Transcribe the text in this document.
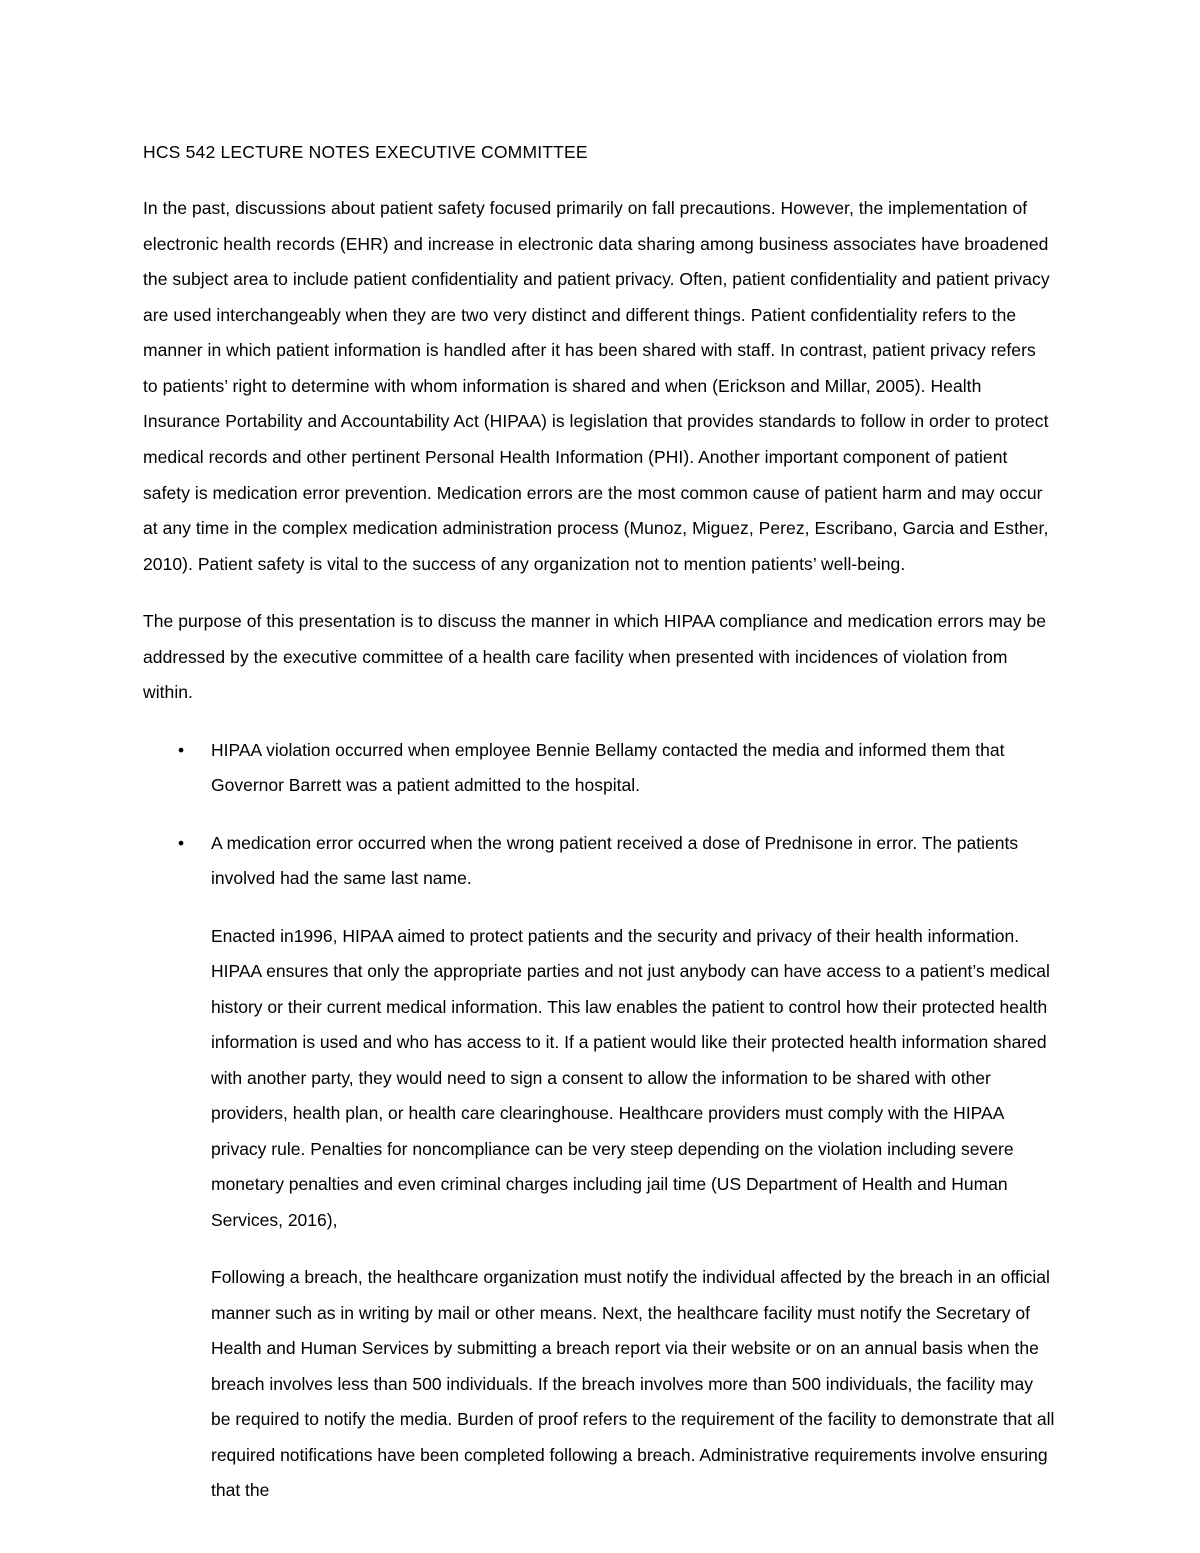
HCS 542 LECTURE NOTES EXECUTIVE COMMITTEE

In the past, discussions about patient safety focused primarily on fall precautions. However, the implementation of electronic health records (EHR) and increase in electronic data sharing among business associates have broadened the subject area to include patient confidentiality and patient privacy. Often, patient confidentiality and patient privacy are used interchangeably when they are two very distinct and different things. Patient confidentiality refers to the manner in which patient information is handled after it has been shared with staff. In contrast, patient privacy refers to patients’ right to determine with whom information is shared and when (Erickson and Millar, 2005). Health Insurance Portability and Accountability Act (HIPAA) is legislation that provides standards to follow in order to protect medical records and other pertinent Personal Health Information (PHI). Another important component of patient safety is medication error prevention. Medication errors are the most common cause of patient harm and may occur at any time in the complex medication administration process (Munoz, Miguez, Perez, Escribano, Garcia and Esther, 2010). Patient safety is vital to the success of any organization not to mention patients’ well-being.

The purpose of this presentation is to discuss the manner in which HIPAA compliance and medication errors may be addressed by the executive committee of a health care facility when presented with incidences of violation from within.

• HIPAA violation occurred when employee Bennie Bellamy contacted the media and informed them that Governor Barrett was a patient admitted to the hospital.
• A medication error occurred when the wrong patient received a dose of Prednisone in error. The patients involved had the same last name.

Enacted in1996, HIPAA aimed to protect patients and the security and privacy of their health information. HIPAA ensures that only the appropriate parties and not just anybody can have access to a patient’s medical history or their current medical information. This law enables the patient to control how their protected health information is used and who has access to it. If a patient would like their protected health information shared with another party, they would need to sign a consent to allow the information to be shared with other providers, health plan, or health care clearinghouse. Healthcare providers must comply with the HIPAA privacy rule. Penalties for noncompliance can be very steep depending on the violation including severe monetary penalties and even criminal charges including jail time (US Department of Health and Human Services, 2016),

Following a breach, the healthcare organization must notify the individual affected by the breach in an official manner such as in writing by mail or other means. Next, the healthcare facility must notify the Secretary of Health and Human Services by submitting a breach report via their website or on an annual basis when the breach involves less than 500 individuals. If the breach involves more than 500 individuals, the facility may be required to notify the media. Burden of proof refers to the requirement of the facility to demonstrate that all required notifications have been completed following a breach. Administrative requirements involve ensuring that the
